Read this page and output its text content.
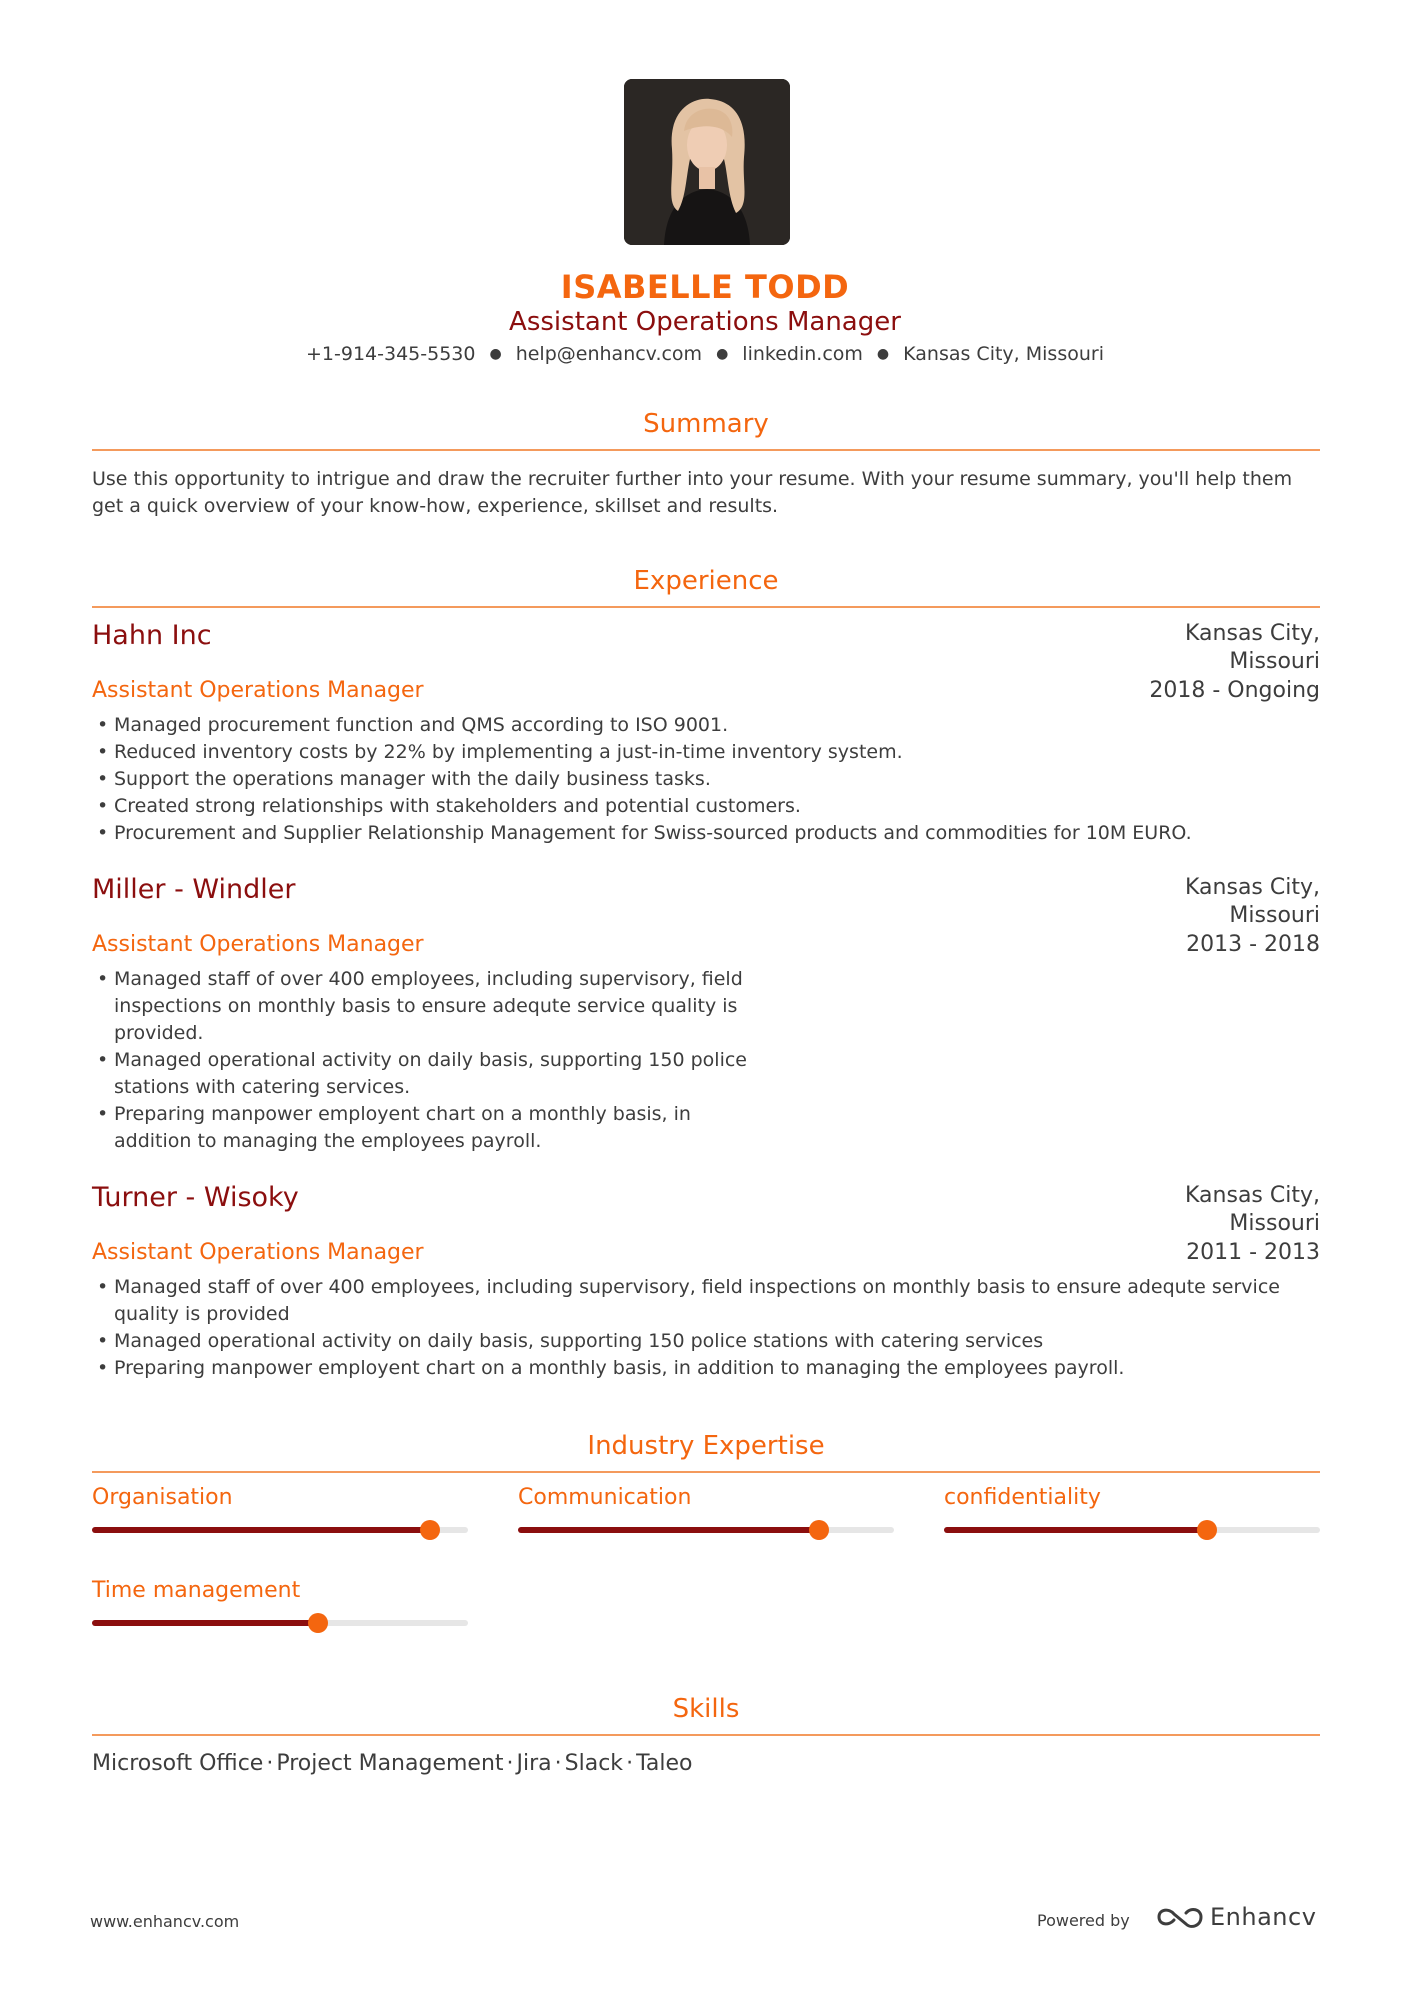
ISABELLE TODD
Assistant Operations Manager
+1-914-345-5530 ● help@enhancv.com ● linkedin.com ● Kansas City, Missouri
Summary
Use this opportunity to intrigue and draw the recruiter further into your resume. With your resume summary, you'll help them get a quick overview of your know-how, experience, skillset and results.
Experience
Hahn Inc	Kansas City,
Missouri
Assistant Operations Manager	2018 - Ongoing
• Managed procurement function and QMS according to ISO 9001.
• Reduced inventory costs by 22% by implementing a just-in-time inventory system.
• Support the operations manager with the daily business tasks.
• Created strong relationships with stakeholders and potential customers.
• Procurement and Supplier Relationship Management for Swiss-sourced products and commodities for 10M EURO.
Miller - Windler	Kansas City,
Missouri
Assistant Operations Manager	2013 - 2018
• Managed staff of over 400 employees, including supervisory, field inspections on monthly basis to ensure adequte service quality is provided.
• Managed operational activity on daily basis, supporting 150 police stations with catering services.
• Preparing manpower employent chart on a monthly basis, in addition to managing the employees payroll.
Turner - Wisoky	Kansas City,
Missouri
Assistant Operations Manager	2011 - 2013
• Managed staff of over 400 employees, including supervisory, field inspections on monthly basis to ensure adequte service quality is provided
• Managed operational activity on daily basis, supporting 150 police stations with catering services
• Preparing manpower employent chart on a monthly basis, in addition to managing the employees payroll.
Industry Expertise
Organisation	Communication	confidentiality
Time management
Skills
Microsoft Office · Project Management · Jira · Slack · Taleo
www.enhancv.com	Powered by	Enhancv
